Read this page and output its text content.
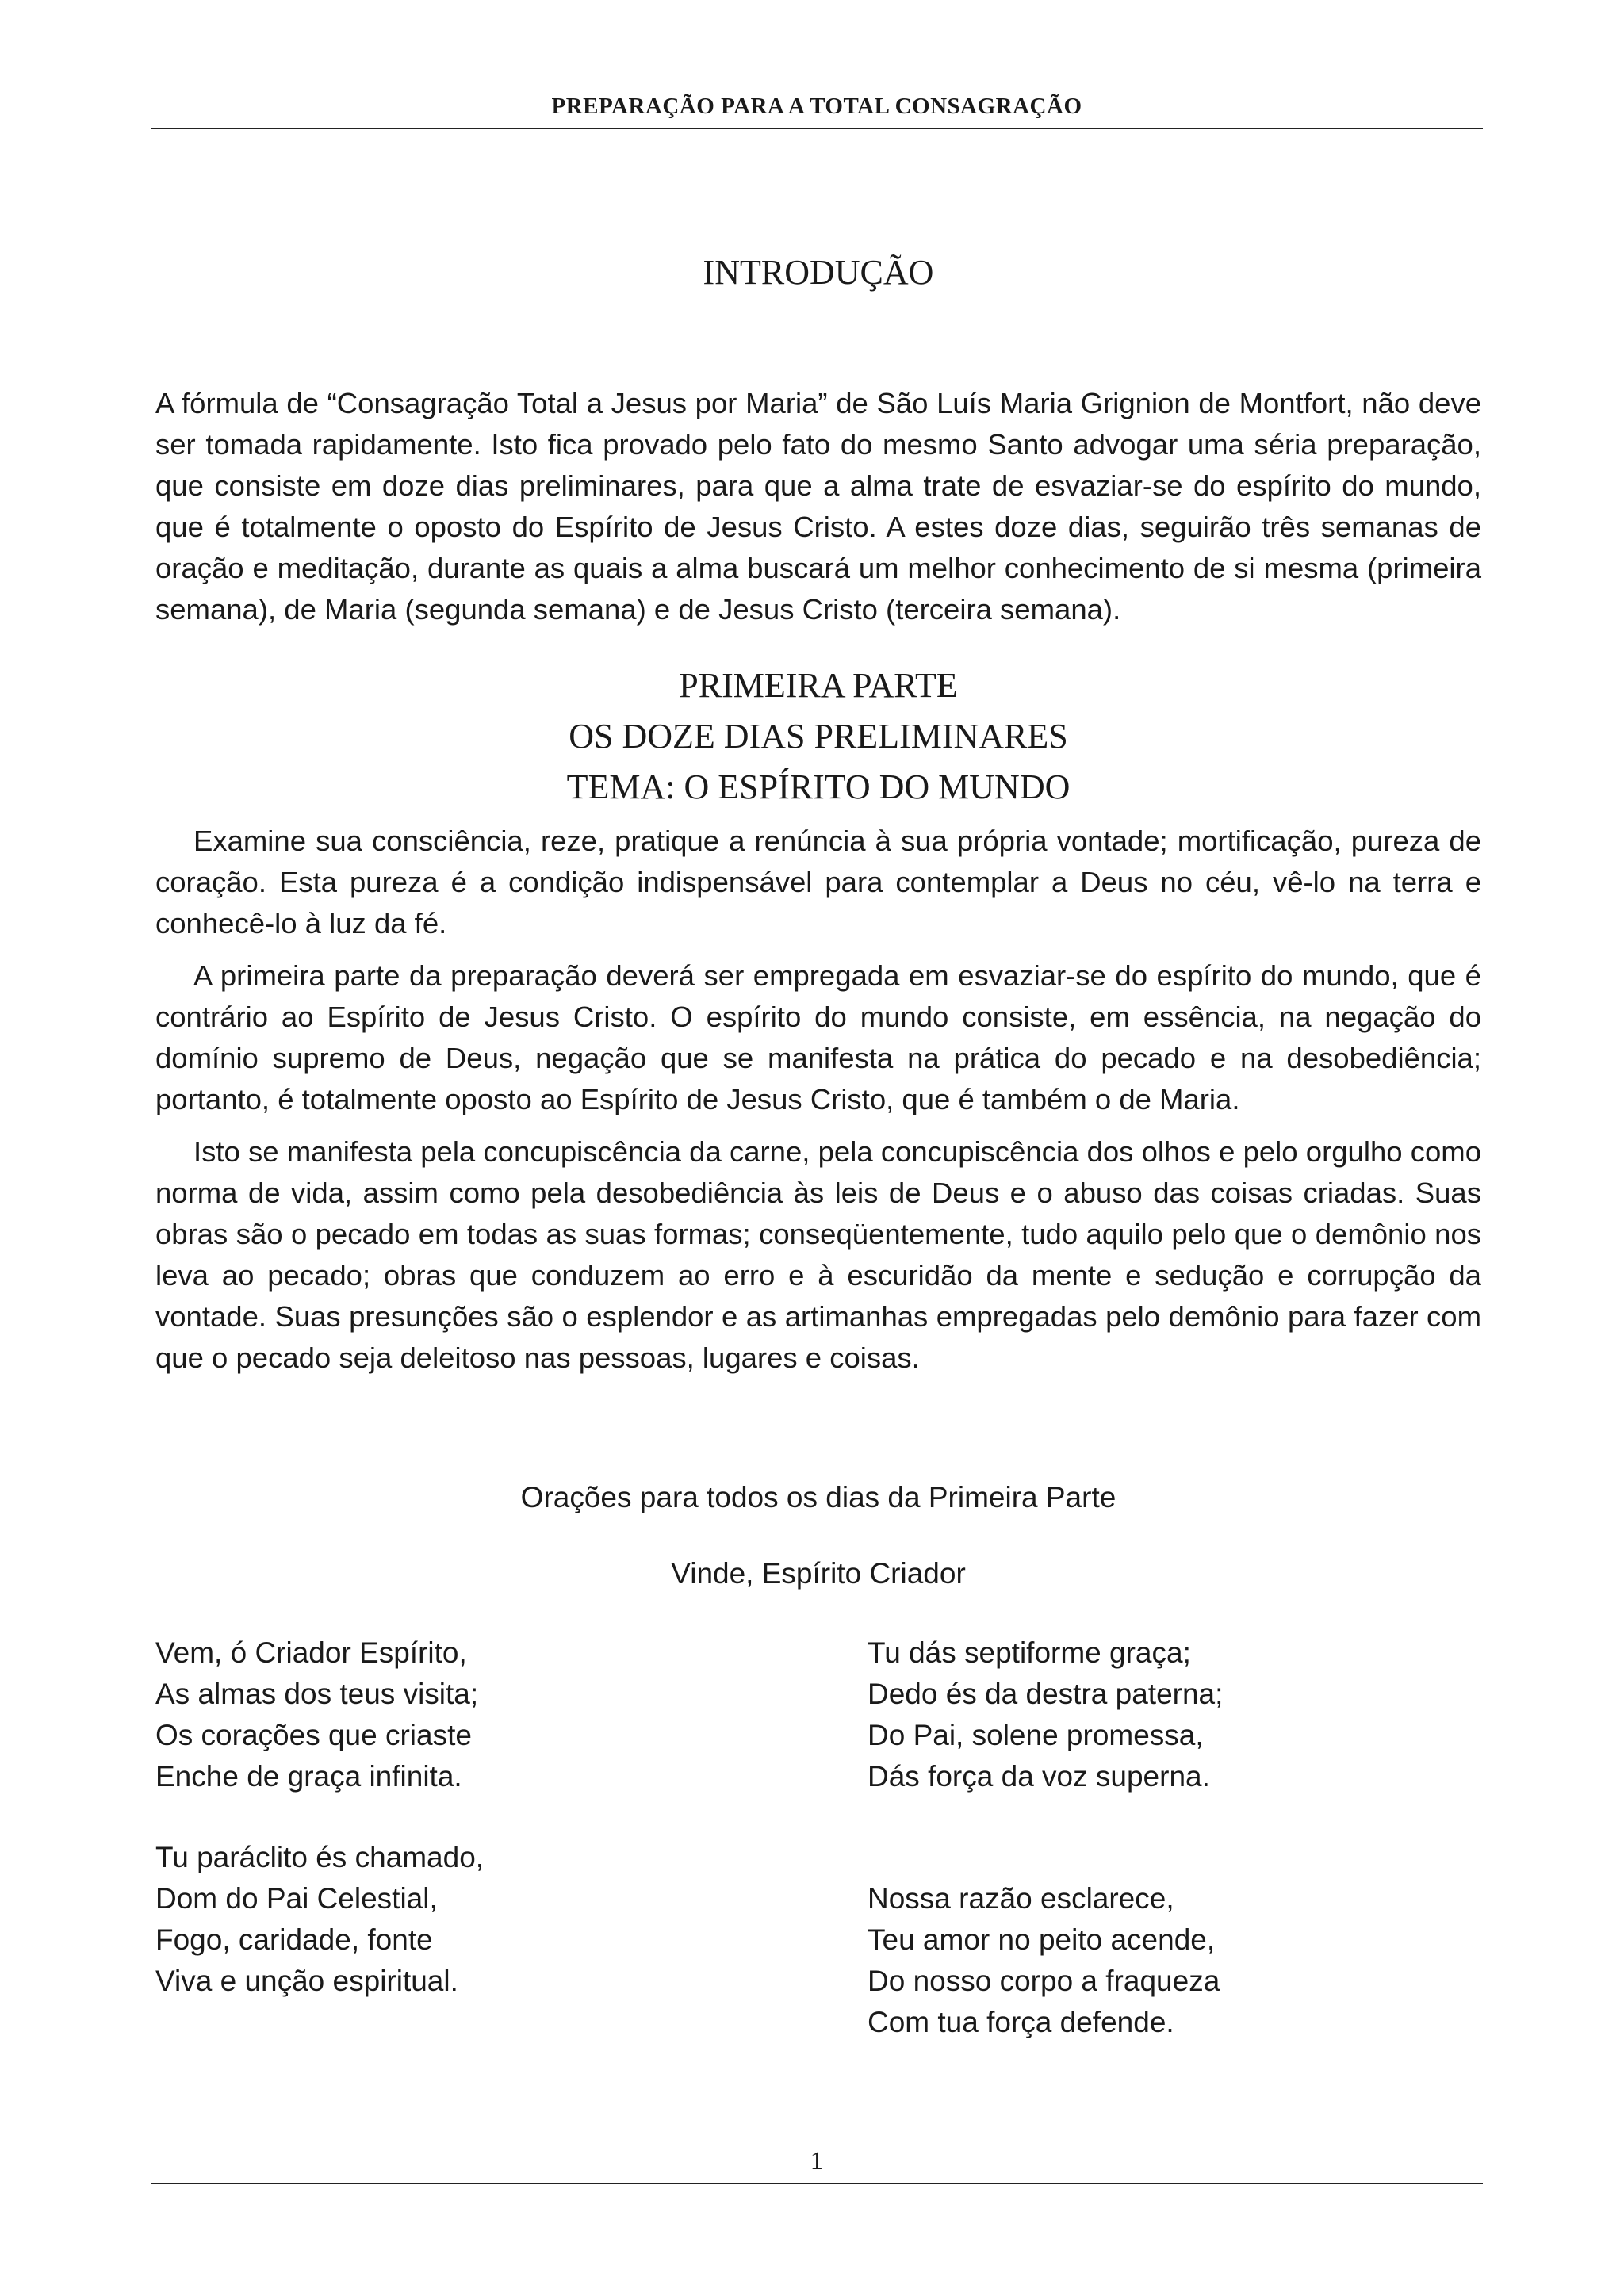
PREPARAÇÃO PARA A TOTAL CONSAGRAÇÃO
INTRODUÇÃO

A fórmula de “Consagração Total a Jesus por Maria” de São Luís Maria Grignion de Montfort, não deve ser tomada rapidamente. Isto fica provado pelo fato do mesmo Santo advogar uma séria preparação, que consiste em doze dias preliminares, para que a alma trate de esvaziar-se do espírito do mundo, que é totalmente o oposto do Espírito de Jesus Cristo. A estes doze dias, seguirão três semanas de oração e meditação, durante as quais a alma buscará um melhor conhecimento de si mesma (primeira semana), de Maria (segunda semana) e de Jesus Cristo (terceira semana).

PRIMEIRA PARTE
OS DOZE DIAS PRELIMINARES
TEMA: O ESPÍRITO DO MUNDO

Examine sua consciência, reze, pratique a renúncia à sua própria vontade; mortificação, pureza de coração. Esta pureza é a condição indispensável para contemplar a Deus no céu, vê-lo na terra e conhecê-lo à luz da fé.

A primeira parte da preparação deverá ser empregada em esvaziar-se do espírito do mundo, que é contrário ao Espírito de Jesus Cristo. O espírito do mundo consiste, em essência, na negação do domínio supremo de Deus, negação que se manifesta na prática do pecado e na desobediência; portanto, é totalmente oposto ao Espírito de Jesus Cristo, que é também o de Maria.

Isto se manifesta pela concupiscência da carne, pela concupiscência dos olhos e pelo orgulho como norma de vida, assim como pela desobediência às leis de Deus e o abuso das coisas criadas. Suas obras são o pecado em todas as suas formas; conseqüentemente, tudo aquilo pelo que o demônio nos leva ao pecado; obras que conduzem ao erro e à escuridão da mente e sedução e corrupção da vontade. Suas presunções são o esplendor e as artimanhas empregadas pelo demônio para fazer com que o pecado seja deleitoso nas pessoas, lugares e coisas.

Orações para todos os dias da Primeira Parte
Vinde, Espírito Criador
Vem, ó Criador Espírito,
As almas dos teus visita;
Os corações que criaste
Enche de graça infinita.
Tu paráclito és chamado,
Dom do Pai Celestial,
Fogo, caridade, fonte
Viva e unção espiritual.
Tu dás septiforme graça;
Dedo és da destra paterna;
Do Pai, solene promessa,
Dás força da voz superna.
Nossa razão esclarece,
Teu amor no peito acende,
Do nosso corpo a fraqueza
Com tua força defende.
1
